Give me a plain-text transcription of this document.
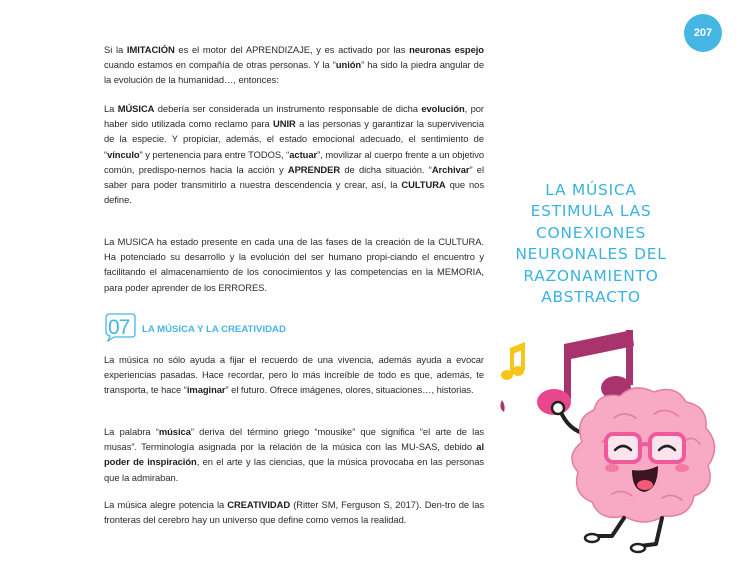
207

Si la IMITACIÓN es el motor del APRENDIZAJE, y es activado por las neuronas espejo cuando estamos en compañía de otras personas. Y la “unión” ha sido la piedra angular de la evolución de la humanidad…, entonces:

La MÚSICA debería ser considerada un instrumento responsable de dicha evolución, por haber sido utilizada como reclamo para UNIR a las personas y garantizar la supervivencia de la especie. Y propiciar, además, el estado emocional adecuado, el sentimiento de “vínculo” y pertenencia para entre TODOS, “actuar”, movilizar al cuerpo frente a un objetivo común, predispo-nernos hacia la acción y APRENDER de dicha situación. “Archivar” el saber para poder transmitirlo a nuestra descendencia y crear, así, la CULTURA que nos define.

La MUSICA ha estado presente en cada una de las fases de la creación de la CULTURA. Ha potenciado su desarrollo y la evolución del ser humano propi-ciando el encuentro y facilitando el almacenamiento de los conocimientos y las competencias en la MEMORIA, para poder aprender de los ERRORES.

07 LA MÚSICA Y LA CREATIVIDAD

La música no sólo ayuda a fijar el recuerdo de una vivencia, además ayuda a evocar experiencias pasadas. Hace recordar, pero lo más increíble de todo es que, además, te transporta, te hace “imaginar” el futuro. Ofrece imágenes, olores, situaciones…, historias.

La palabra “música” deriva del término griego “mousike” que significa “el arte de las musas”. Terminología asignada por la relación de la música con las MU-SAS, debido al poder de inspiración, en el arte y las ciencias, que la música provocaba en las personas que la admiraban.

La música alegre potencia la CREATIVIDAD (Ritter SM, Ferguson S, 2017). Den-tro de las fronteras del cerebro hay un universo que define como vemos la realidad.

LA MÚSICA ESTIMULA LAS CONEXIONES NEURONALES DEL RAZONAMIENTO ABSTRACTO
